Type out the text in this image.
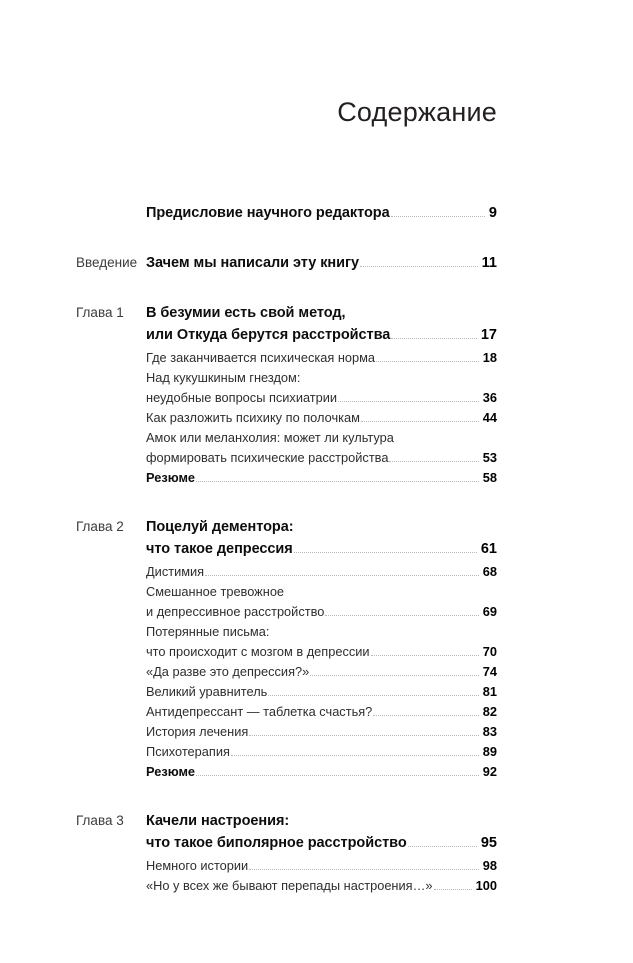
Содержание
Предисловие научного редактора	9
Введение Зачем мы написали эту книгу	11
Глава 1	В безумии есть свой метод,
или Откуда берутся расстройства	17
Где заканчивается психическая норма	18
Над кукушкиным гнездом:
неудобные вопросы психиатрии	36
Как разложить психику по полочкам	44
Амок или меланхолия: может ли культура
формировать психические расстройства	53
Резюме	58
Глава 2	Поцелуй дементора:
что такое депрессия	61
Дистимия	68
Смешанное тревожное
и депрессивное расстройство	69
Потерянные письма:
что происходит с мозгом в депрессии	70
«Да разве это депрессия?»	74
Великий уравнитель	81
Антидепрессант — таблетка счастья?	82
История лечения	83
Психотерапия	89
Резюме	92
Глава 3	Качели настроения:
что такое биполярное расстройство	95
Немного истории	98
«Но у всех же бывают перепады настроения…»	100
